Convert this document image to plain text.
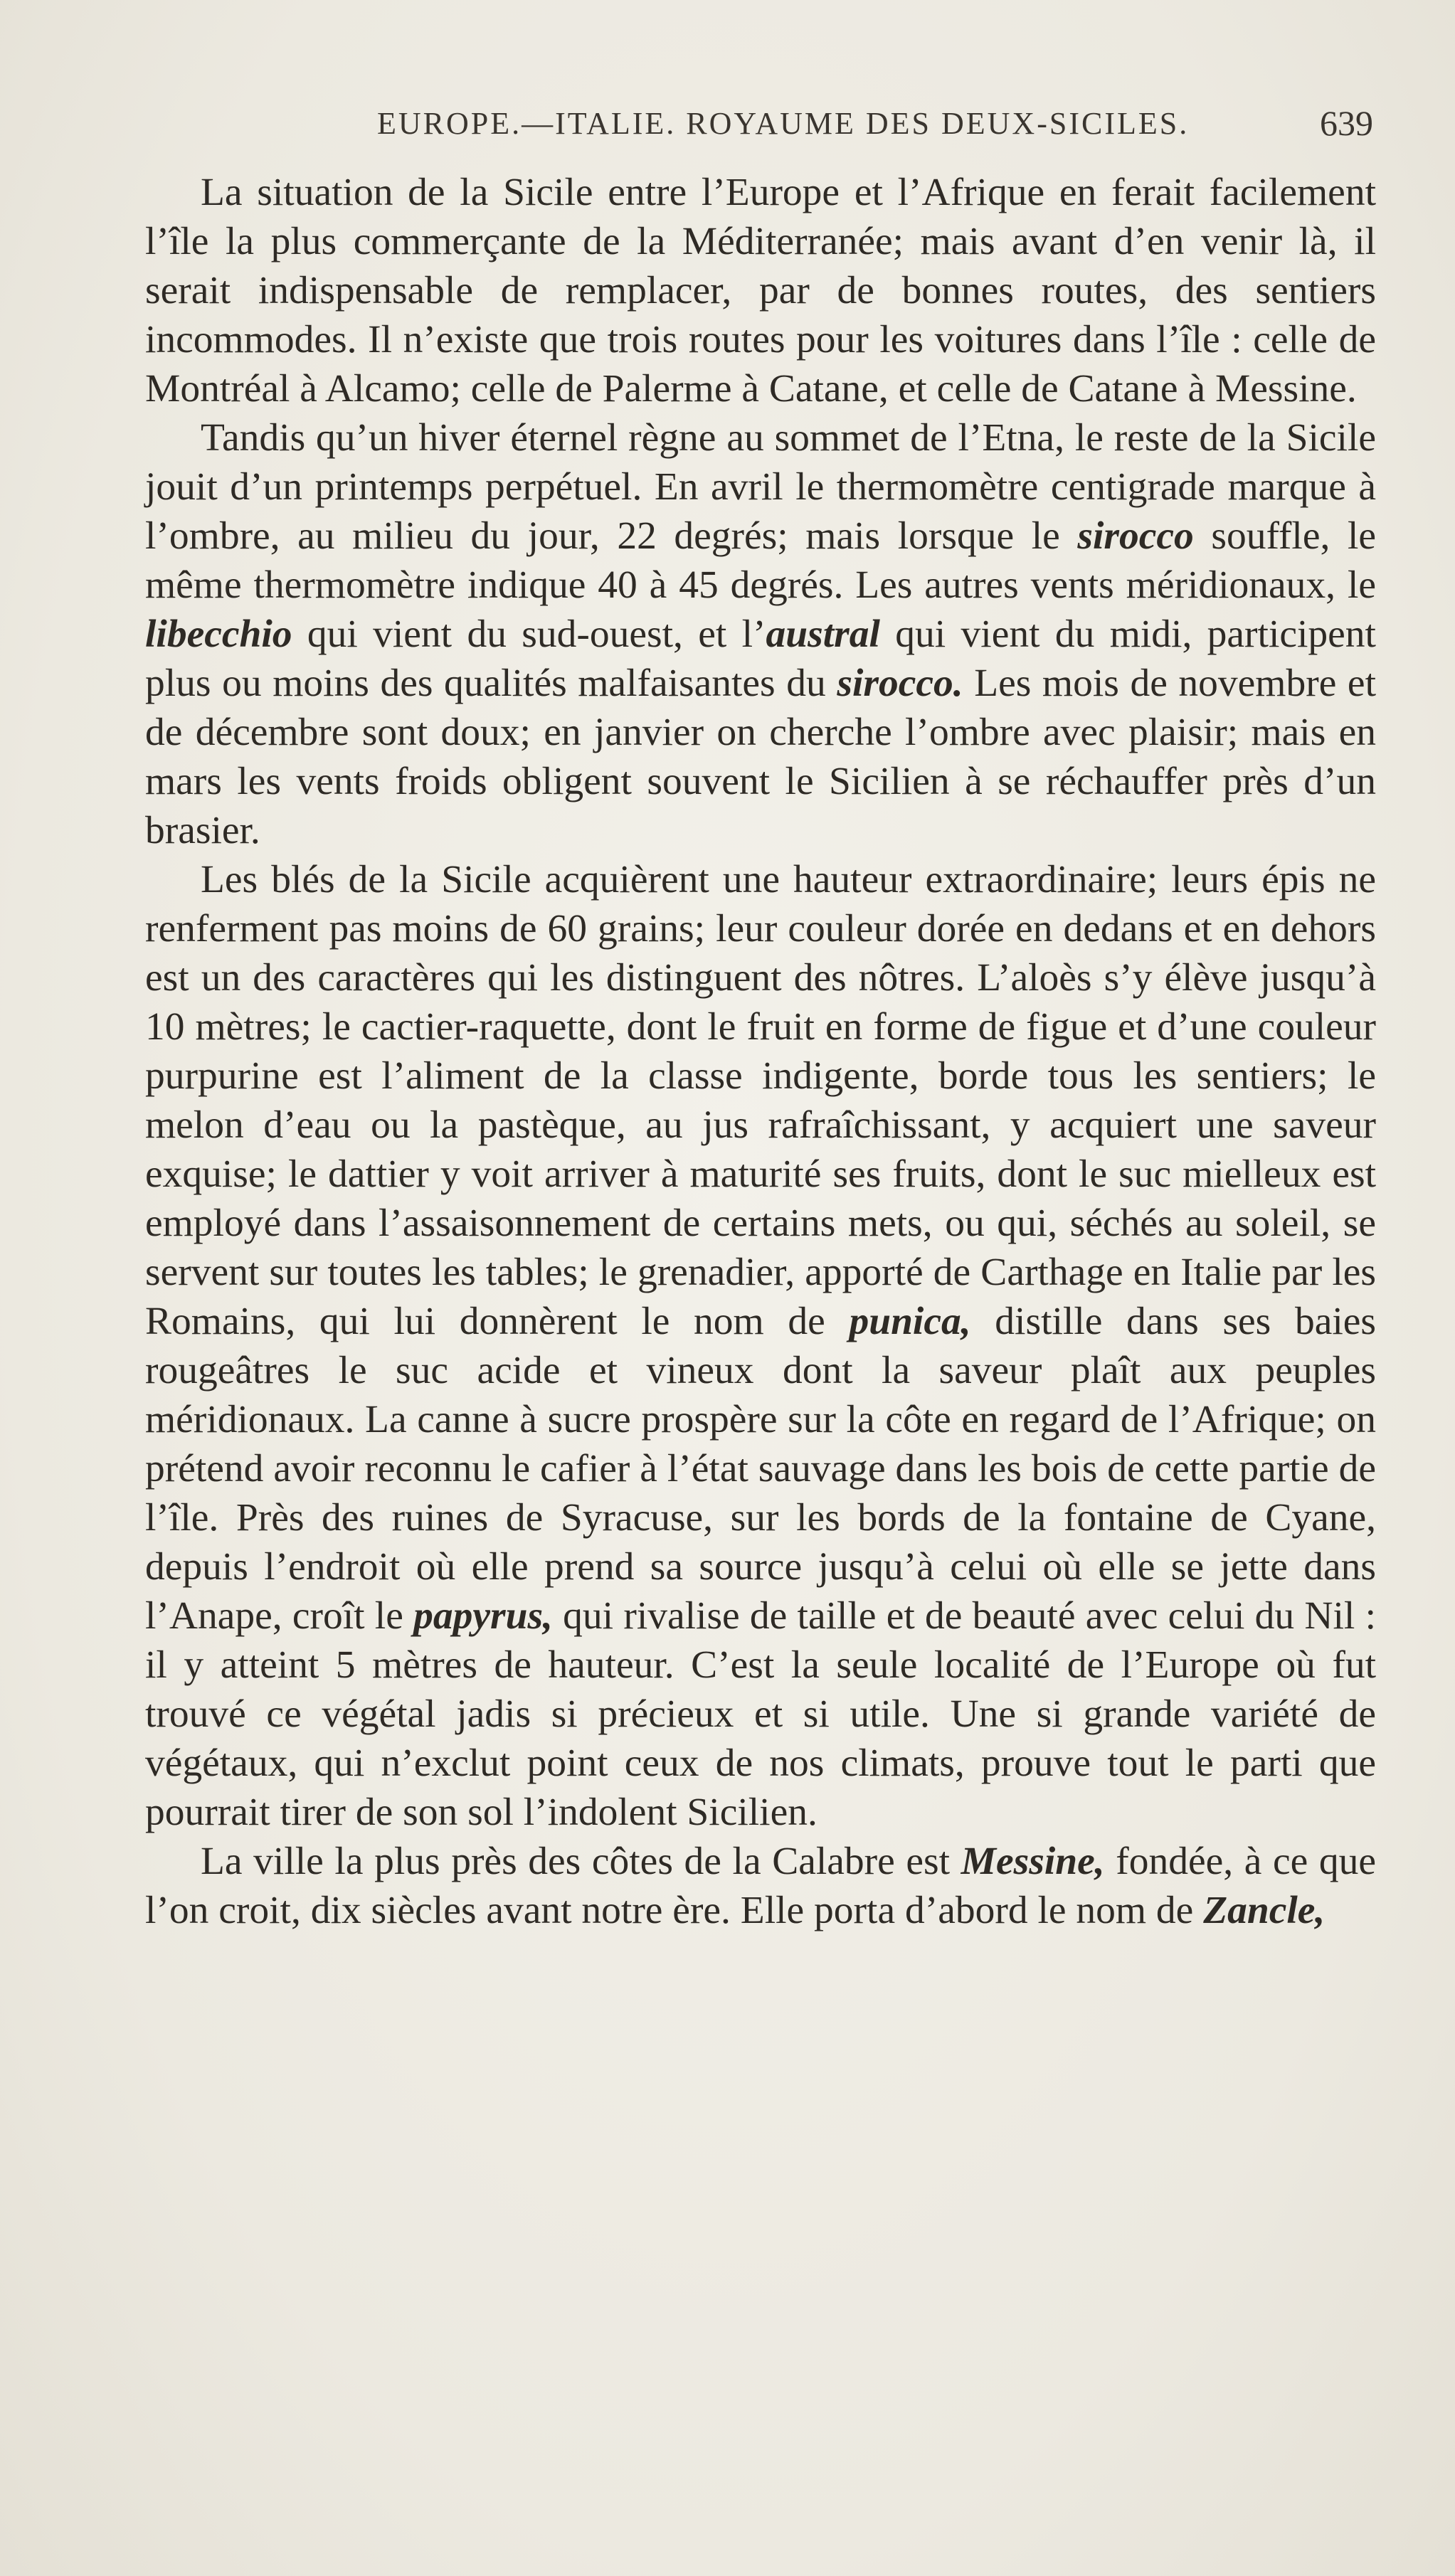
EUROPE.—ITALIE. ROYAUME DES DEUX-SICILES.	639

La situation de la Sicile entre l’Europe et l’Afrique en ferait facilement l’île la plus commerçante de la Méditerranée; mais avant d’en venir là, il serait indispensable de remplacer, par de bonnes routes, des sentiers incommodes. Il n’existe que trois routes pour les voitures dans l’île : celle de Montréal à Alcamo; celle de Palerme à Catane, et celle de Catane à Messine.

Tandis qu’un hiver éternel règne au sommet de l’Etna, le reste de la Sicile jouit d’un printemps perpétuel. En avril le thermomètre centigrade marque à l’ombre, au milieu du jour, 22 degrés; mais lorsque le sirocco souffle, le même thermomètre indique 40 à 45 degrés. Les autres vents méridionaux, le libecchio qui vient du sud-ouest, et l’austral qui vient du midi, participent plus ou moins des qualités malfaisantes du sirocco. Les mois de novembre et de décembre sont doux; en janvier on cherche l’ombre avec plaisir; mais en mars les vents froids obligent souvent le Sicilien à se réchauffer près d’un brasier.

Les blés de la Sicile acquièrent une hauteur extraordinaire; leurs épis ne renferment pas moins de 60 grains; leur couleur dorée en dedans et en dehors est un des caractères qui les distinguent des nôtres. L’aloès s’y élève jusqu’à 10 mètres; le cactier-raquette, dont le fruit en forme de figue et d’une couleur purpurine est l’aliment de la classe indigente, borde tous les sentiers; le melon d’eau ou la pastèque, au jus rafraîchissant, y acquiert une saveur exquise; le dattier y voit arriver à maturité ses fruits, dont le suc mielleux est employé dans l’assaisonnement de certains mets, ou qui, séchés au soleil, se servent sur toutes les tables; le grenadier, apporté de Carthage en Italie par les Romains, qui lui donnèrent le nom de punica, distille dans ses baies rougeâtres le suc acide et vineux dont la saveur plaît aux peuples méridionaux. La canne à sucre prospère sur la côte en regard de l’Afrique; on prétend avoir reconnu le cafier à l’état sauvage dans les bois de cette partie de l’île. Près des ruines de Syracuse, sur les bords de la fontaine de Cyane, depuis l’endroit où elle prend sa source jusqu’à celui où elle se jette dans l’Anape, croît le papyrus, qui rivalise de taille et de beauté avec celui du Nil : il y atteint 5 mètres de hauteur. C’est la seule localité de l’Europe où fut trouvé ce végétal jadis si précieux et si utile. Une si grande variété de végétaux, qui n’exclut point ceux de nos climats, prouve tout le parti que pourrait tirer de son sol l’indolent Sicilien.

La ville la plus près des côtes de la Calabre est Messine, fondée, à ce que l’on croit, dix siècles avant notre ère. Elle porta d’abord le nom de Zancle,
